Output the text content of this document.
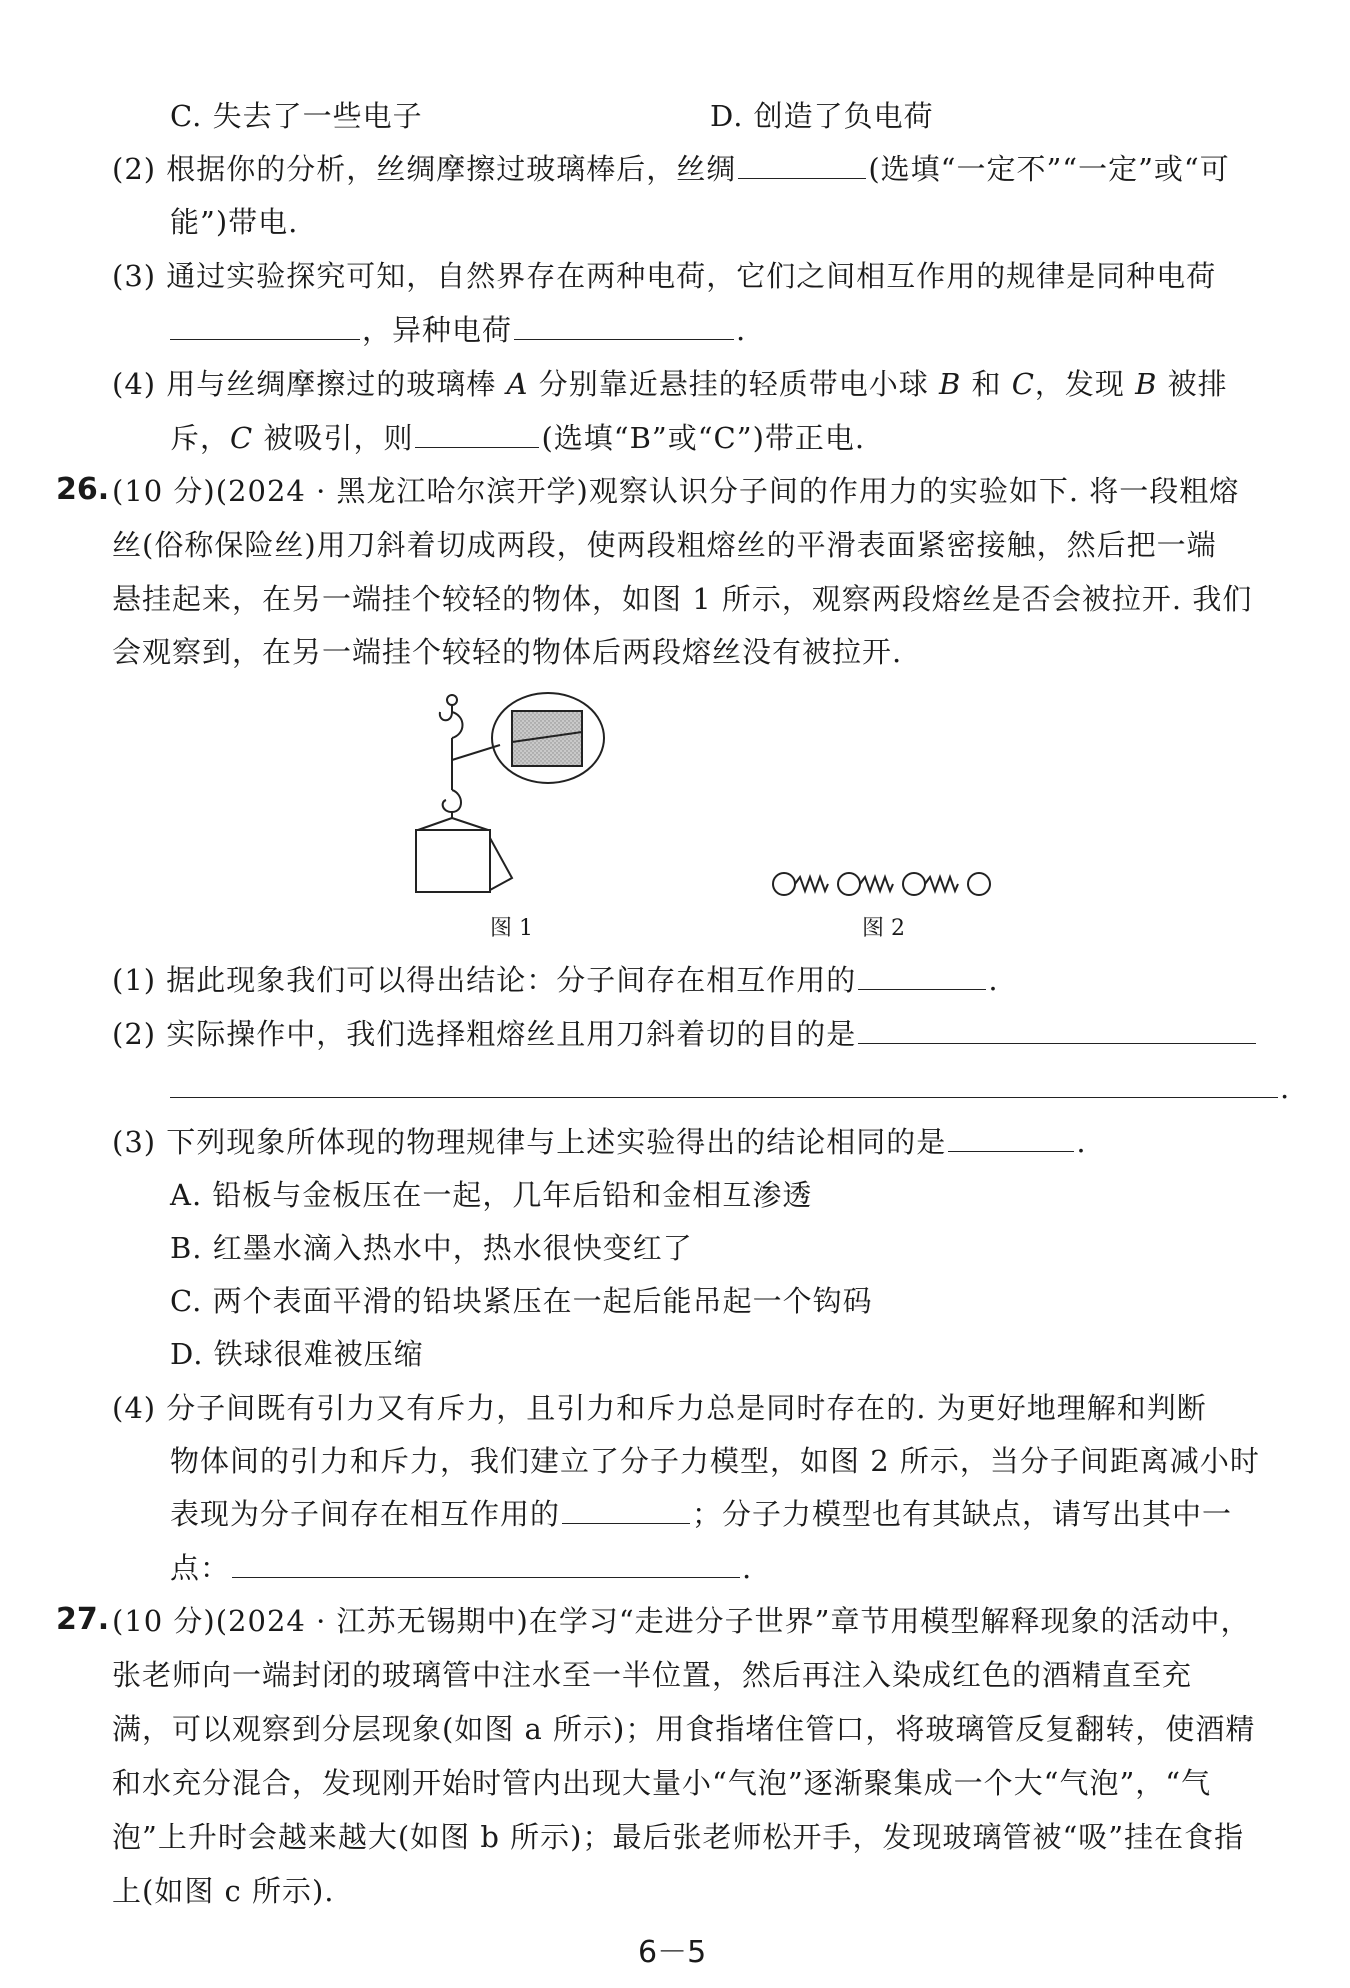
C. 失去了一些电子	D. 创造了负电荷
(2) 根据你的分析，丝绸摩擦过玻璃棒后，丝绸	(选填“一定不”“一定”或“可
能”)带电.
(3) 通过实验探究可知，自然界存在两种电荷，它们之间相互作用的规律是同种电荷
，异种电荷	.
(4) 用与丝绸摩擦过的玻璃棒 A 分别靠近悬挂的轻质带电小球 B 和 C，发现 B 被排
斥，C 被吸引，则	(选填“B”或“C”)带正电.
26. (10 分)(2024 · 黑龙江哈尔滨开学)观察认识分子间的作用力的实验如下. 将一段粗熔
丝(俗称保险丝)用刀斜着切成两段，使两段粗熔丝的平滑表面紧密接触，然后把一端
悬挂起来，在另一端挂个较轻的物体，如图 1 所示，观察两段熔丝是否会被拉开. 我们
会观察到，在另一端挂个较轻的物体后两段熔丝没有被拉开.
图 1	图 2
(1) 据此现象我们可以得出结论：分子间存在相互作用的	.
(2) 实际操作中，我们选择粗熔丝且用刀斜着切的目的是
.
(3) 下列现象所体现的物理规律与上述实验得出的结论相同的是	.
A. 铅板与金板压在一起，几年后铅和金相互渗透
B. 红墨水滴入热水中，热水很快变红了
C. 两个表面平滑的铅块紧压在一起后能吊起一个钩码
D. 铁球很难被压缩
(4) 分子间既有引力又有斥力，且引力和斥力总是同时存在的. 为更好地理解和判断
物体间的引力和斥力，我们建立了分子力模型，如图 2 所示，当分子间距离减小时
表现为分子间存在相互作用的	；分子力模型也有其缺点，请写出其中一
点：	.
27. (10 分)(2024 · 江苏无锡期中)在学习“走进分子世界”章节用模型解释现象的活动中，
张老师向一端封闭的玻璃管中注水至一半位置，然后再注入染成红色的酒精直至充
满，可以观察到分层现象(如图 a 所示)；用食指堵住管口，将玻璃管反复翻转，使酒精
和水充分混合，发现刚开始时管内出现大量小“气泡”逐渐聚集成一个大“气泡”，“气
泡”上升时会越来越大(如图 b 所示)；最后张老师松开手，发现玻璃管被“吸”挂在食指
上(如图 c 所示).
6－5
